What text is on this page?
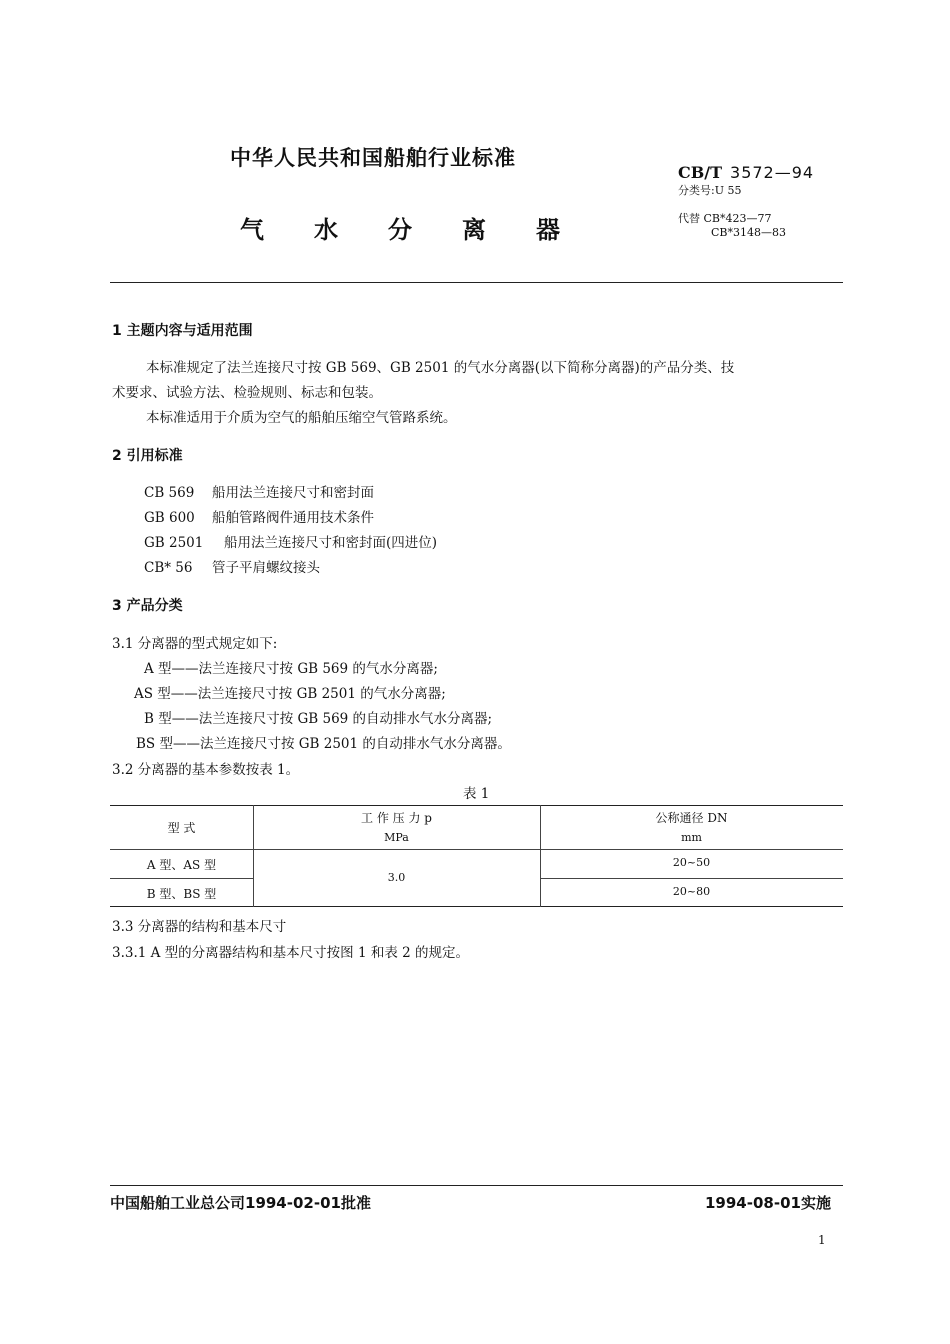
中华人民共和国船舶行业标准
CB/T 3572—94
分类号:U 55
气水分离器	代替 CB*423—77
CB*3148—83
1 主题内容与适用范围
本标准规定了法兰连接尺寸按 GB 569、GB 2501 的气水分离器(以下简称分离器)的产品分类、技
术要求、试验方法、检验规则、标志和包装。
本标准适用于介质为空气的船舶压缩空气管路系统。
2 引用标准
CB 569 船用法兰连接尺寸和密封面
GB 600 船舶管路阀件通用技术条件
GB 2501 船用法兰连接尺寸和密封面(四进位)
CB* 56 管子平肩螺纹接头
3 产品分类
3.1 分离器的型式规定如下:
A 型——法兰连接尺寸按 GB 569 的气水分离器;
AS 型——法兰连接尺寸按 GB 2501 的气水分离器;
B 型——法兰连接尺寸按 GB 569 的自动排水气水分离器;
BS 型——法兰连接尺寸按 GB 2501 的自动排水气水分离器。
3.2 分离器的基本参数按表 1。
表 1
型 式
工 作 压 力 p
MPa
公称通径 DN
mm
A 型、AS 型
B 型、BS 型
3.0
20~50
20~80
3.3 分离器的结构和基本尺寸
3.3.1 A 型的分离器结构和基本尺寸按图 1 和表 2 的规定。
中国船舶工业总公司1994-02-01批准	1994-08-01实施
1
